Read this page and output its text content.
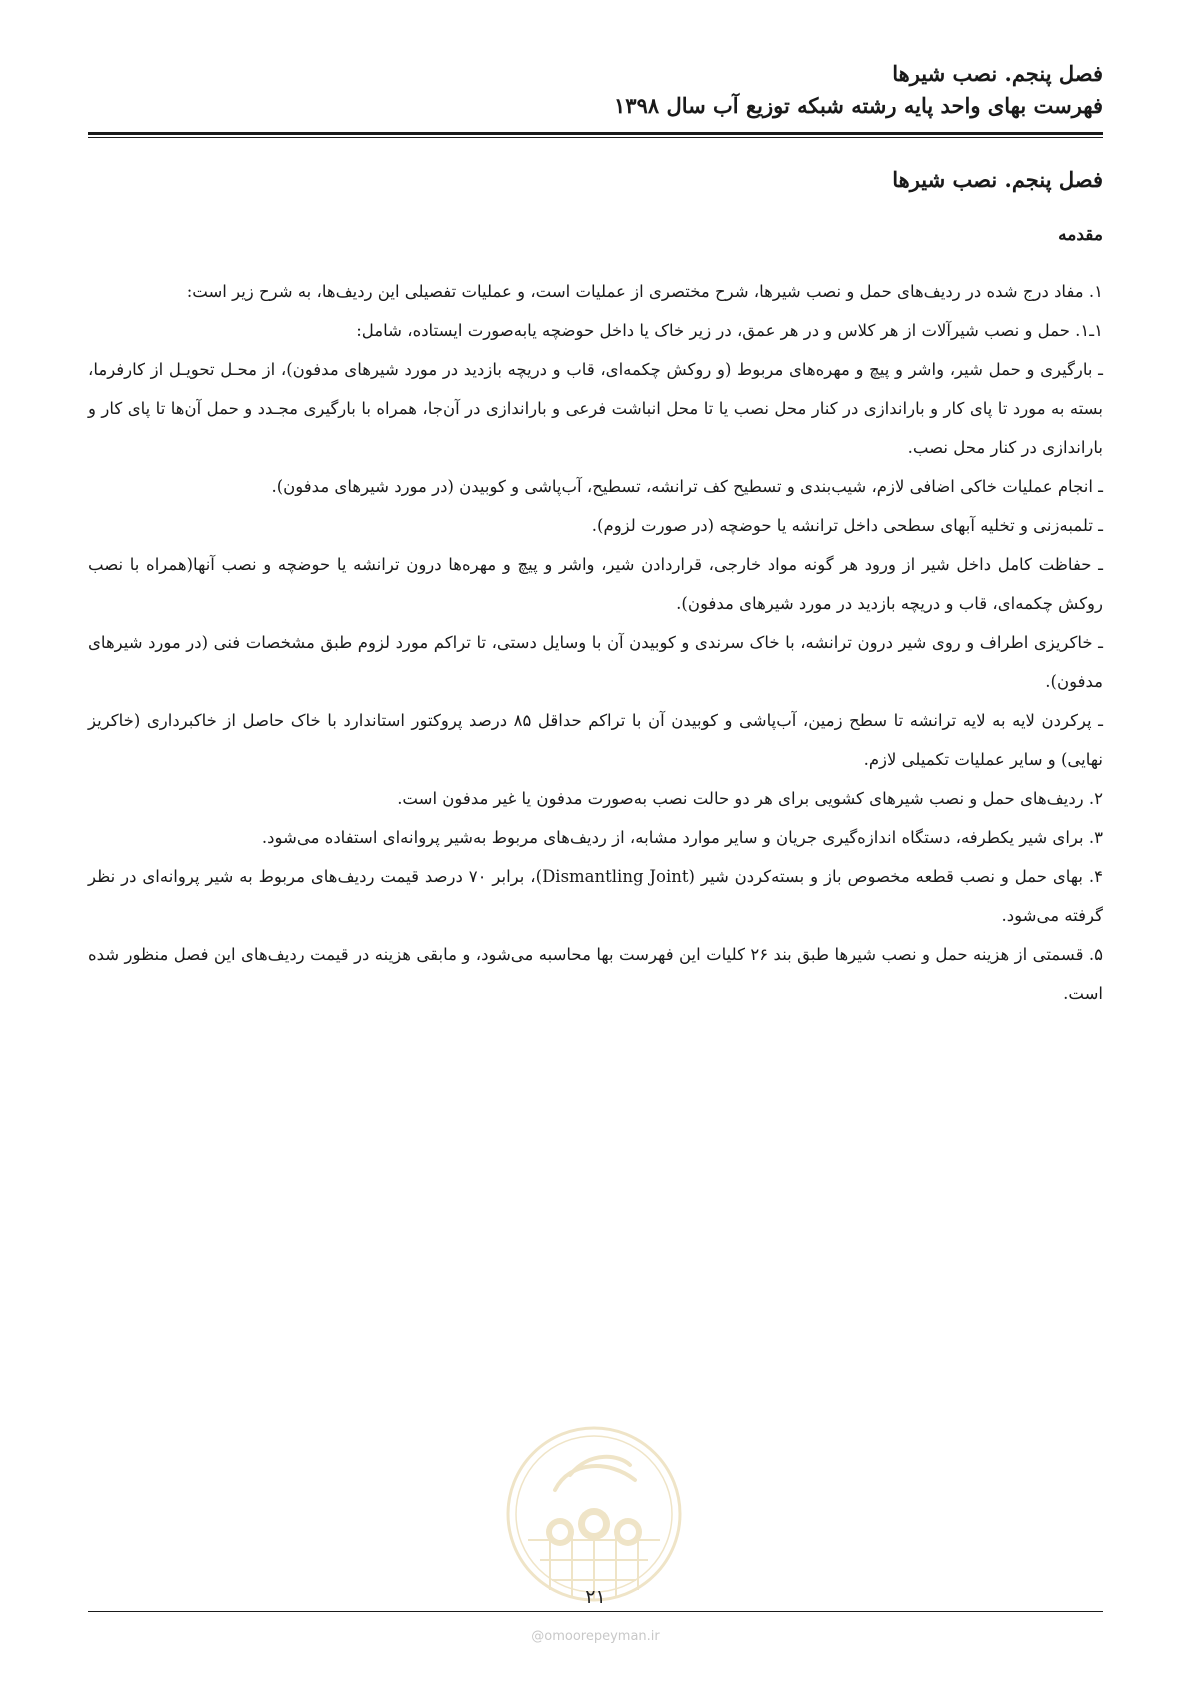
فصل پنجم. نصب شیرها
فهرست بهای واحد پایه رشته شبکه توزیع آب سال ۱۳۹۸
فصل پنجم. نصب شیرها
مقدمه

۱. مفاد درج شده در ردیف‌های حمل و نصب شیرها، شرح مختصری از عملیات است، و عملیات تفصیلی این ردیف‌ها، به شرح زیر است:

۱ـ۱. حمل و نصب شیرآلات از هر کلاس و در هر عمق، در زیر خاک یا داخل حوضچه یابه‌صورت ایستاده، شامل:

ـ بارگیری و حمل شیر، واشر و پیچ و مهره‌های مربوط (و روکش چکمه‌ای، قاب و دریچه بازدید در مورد شیرهای مدفون)، از محـل تحویـل از کارفرما، بسته به مورد تا پای کار و باراندازی در کنار محل نصب یا تا محل انباشت فرعی و باراندازی در آن‌جا، همراه با بارگیری مجـدد و حمل آن‌ها تا پای کار و باراندازی در کنار محل نصب.

ـ انجام عملیات خاکی اضافی لازم، شیب‌بندی و تسطیح کف ترانشه، تسطیح، آب‌پاشی و کوبیدن (در مورد شیرهای مدفون).

ـ تلمبه‌زنی و تخلیه آبهای سطحی داخل ترانشه یا حوضچه (در صورت لزوم).

ـ حفاظت کامل داخل شیر از ورود هر گونه مواد خارجی، قراردادن شیر، واشر و پیچ و مهره‌ها درون ترانشه یا حوضچه و نصب آنها(همراه با نصب روکش چکمه‌ای، قاب و دریچه بازدید در مورد شیرهای مدفون).

ـ خاکریزی اطراف و روی شیر درون ترانشه، با خاک سرندی و کوبیدن آن با وسایل دستی، تا تراکم مورد لزوم طبق مشخصات فنی (در مورد شیرهای مدفون).

ـ پرکردن لایه به لایه ترانشه تا سطح زمین، آب‌پاشی و کوبیدن آن با تراکم حداقل ۸۵ درصد پروکتور استاندارد با خاک حاصل از خاکبرداری (خاکریز نهایی) و سایر عملیات تکمیلی لازم.

۲. ردیف‌های حمل و نصب شیرهای کشویی برای هر دو حالت نصب به‌صورت مدفون یا غیر مدفون است.

۳. برای شیر یکطرفه، دستگاه اندازه‌گیری جریان و سایر موارد مشابه، از ردیف‌های مربوط به‌شیر پروانه‌ای استفاده می‌شود.

۴. بهای حمل و نصب قطعه مخصوص باز و بسته‌کردن شیر (Dismantling Joint)، برابر ۷۰ درصد قیمت ردیف‌های مربوط به شیر پروانه‌ای در نظر گرفته می‌شود.

۵. قسمتی از هزینه حمل و نصب شیرها طبق بند ۲۶ کلیات این فهرست بها محاسبه می‌شود، و مابقی هزینه در قیمت ردیف‌های این فصل منظور شده است.

۲۱
@omoorepeyman.ir
